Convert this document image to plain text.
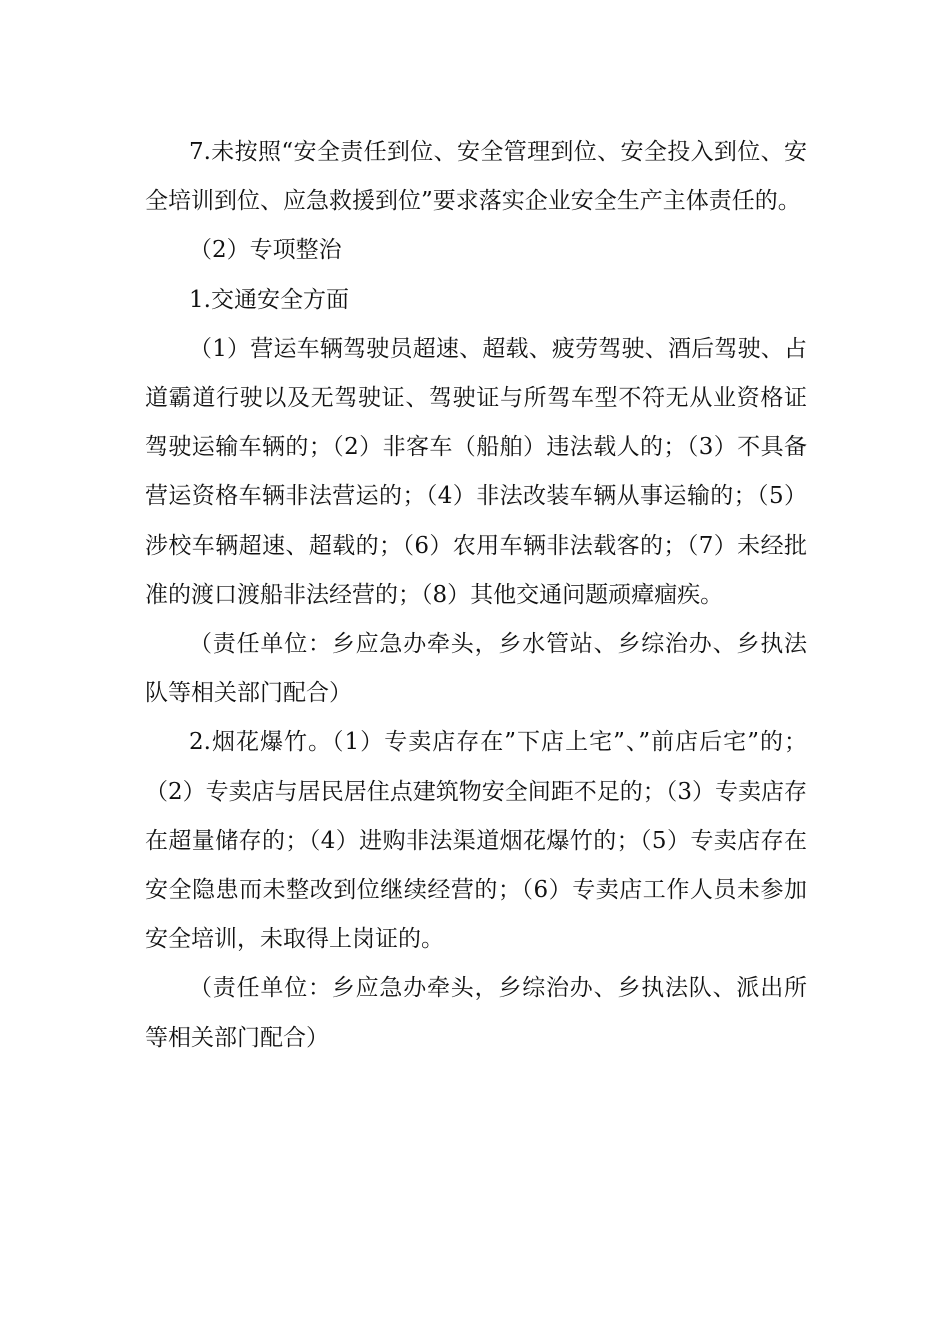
7.未按照“安全责任到位、安全管理到位、安全投入到位、安全培训到位、应急救援到位”要求落实企业安全生产主体责任的。

（2）专项整治

1.交通安全方面

（1）营运车辆驾驶员超速、超载、疲劳驾驶、酒后驾驶、占道霸道行驶以及无驾驶证、驾驶证与所驾车型不符无从业资格证驾驶运输车辆的；（2）非客车（船舶）违法载人的；（3）不具备营运资格车辆非法营运的；（4）非法改装车辆从事运输的；（5）涉校车辆超速、超载的；（6）农用车辆非法载客的；（7）未经批准的渡口渡船非法经营的；（8）其他交通问题顽瘴痼疾。

（责任单位：乡应急办牵头，乡水管站、乡综治办、乡执法队等相关部门配合）

2.烟花爆竹。（1）专卖店存在”下店上宅”、”前店后宅”的；（2）专卖店与居民居住点建筑物安全间距不足的；（3）专卖店存在超量储存的；（4）进购非法渠道烟花爆竹的；（5）专卖店存在安全隐患而未整改到位继续经营的；（6）专卖店工作人员未参加安全培训，未取得上岗证的。

（责任单位：乡应急办牵头，乡综治办、乡执法队、派出所等相关部门配合）
